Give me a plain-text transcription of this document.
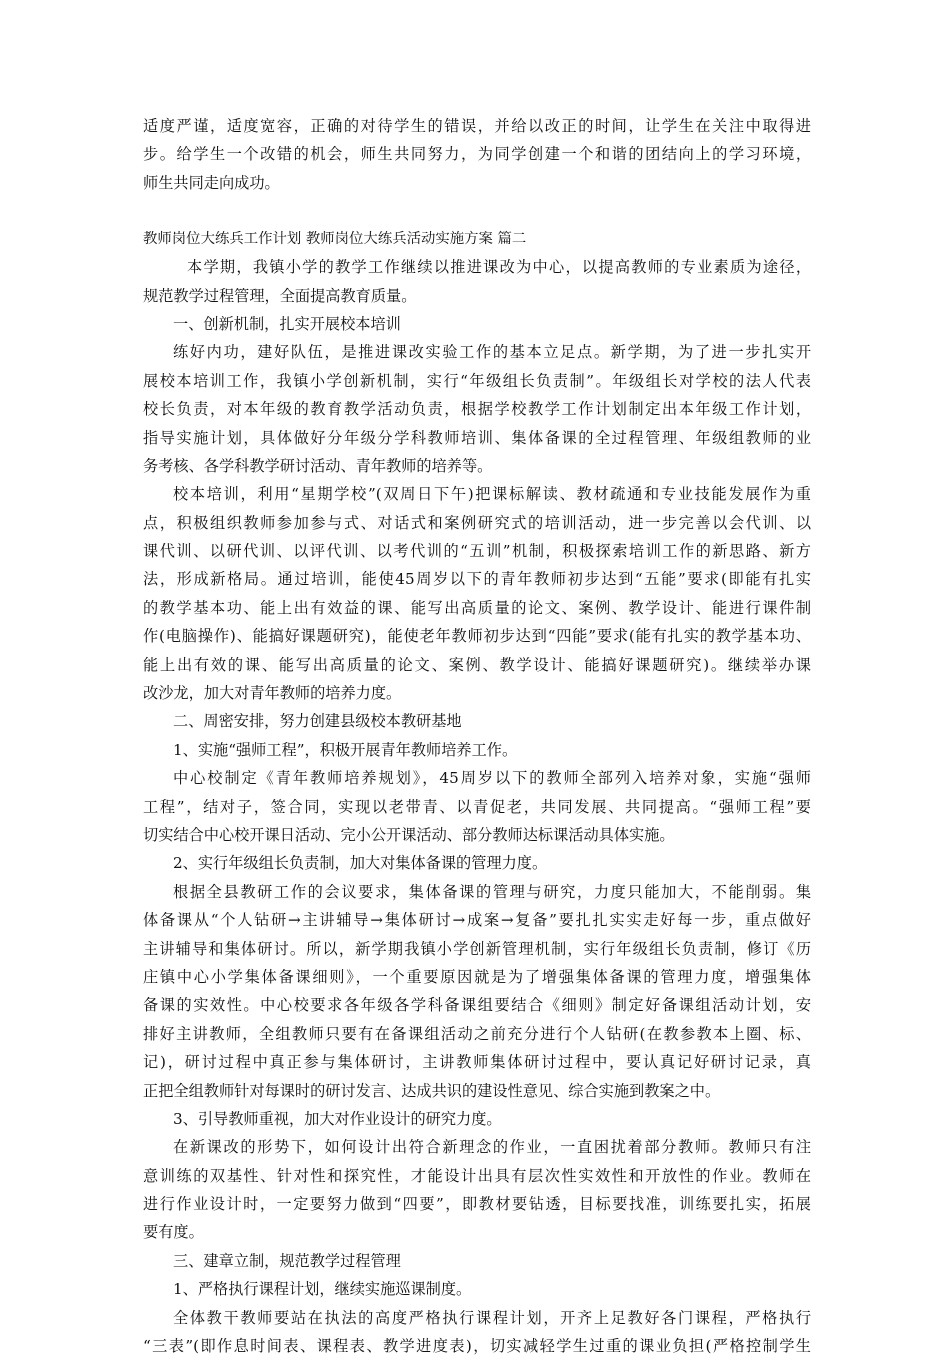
适度严谨，适度宽容，正确的对待学生的错误，并给以改正的时间，让学生在关注中取得进
步。给学生一个改错的机会，师生共同努力，为同学创建一个和谐的团结向上的学习环境，
师生共同走向成功。
教师岗位大练兵工作计划 教师岗位大练兵活动实施方案 篇二
本学期，我镇小学的教学工作继续以推进课改为中心，以提高教师的专业素质为途径，
规范教学过程管理，全面提高教育质量。
一、创新机制，扎实开展校本培训
练好内功，建好队伍，是推进课改实验工作的基本立足点。新学期，为了进一步扎实开
展校本培训工作，我镇小学创新机制，实行“年级组长负责制”。年级组长对学校的法人代表
校长负责，对本年级的教育教学活动负责，根据学校教学工作计划制定出本年级工作计划，
指导实施计划，具体做好分年级分学科教师培训、集体备课的全过程管理、年级组教师的业
务考核、各学科教学研讨活动、青年教师的培养等。
校本培训，利用“星期学校”(双周日下午)把课标解读、教材疏通和专业技能发展作为重
点，积极组织教师参加参与式、对话式和案例研究式的培训活动，进一步完善以会代训、以
课代训、以研代训、以评代训、以考代训的“五训”机制，积极探索培训工作的新思路、新方
法，形成新格局。通过培训，能使45周岁以下的青年教师初步达到“五能”要求(即能有扎实
的教学基本功、能上出有效益的课、能写出高质量的论文、案例、教学设计、能进行课件制
作(电脑操作)、能搞好课题研究)，能使老年教师初步达到“四能”要求(能有扎实的教学基本功、
能上出有效的课、能写出高质量的论文、案例、教学设计、能搞好课题研究)。继续举办课
改沙龙，加大对青年教师的培养力度。
二、周密安排，努力创建县级校本教研基地
1、实施“强师工程”，积极开展青年教师培养工作。
中心校制定《青年教师培养规划》，45周岁以下的教师全部列入培养对象，实施“强师
工程”，结对子，签合同，实现以老带青、以青促老，共同发展、共同提高。“强师工程”要
切实结合中心校开课日活动、完小公开课活动、部分教师达标课活动具体实施。
2、实行年级组长负责制，加大对集体备课的管理力度。
根据全县教研工作的会议要求，集体备课的管理与研究，力度只能加大，不能削弱。集
体备课从“个人钻研→主讲辅导→集体研讨→成案→复备”要扎扎实实走好每一步，重点做好
主讲辅导和集体研讨。所以，新学期我镇小学创新管理机制，实行年级组长负责制，修订《历
庄镇中心小学集体备课细则》，一个重要原因就是为了增强集体备课的管理力度，增强集体
备课的实效性。中心校要求各年级各学科备课组要结合《细则》制定好备课组活动计划，安
排好主讲教师，全组教师只要有在备课组活动之前充分进行个人钻研(在教参教本上圈、标、
记)，研讨过程中真正参与集体研讨，主讲教师集体研讨过程中，要认真记好研讨记录，真
正把全组教师针对每课时的研讨发言、达成共识的建设性意见、综合实施到教案之中。
3、引导教师重视，加大对作业设计的研究力度。
在新课改的形势下，如何设计出符合新理念的作业，一直困扰着部分教师。教师只有注
意训练的双基性、针对性和探究性，才能设计出具有层次性实效性和开放性的作业。教师在
进行作业设计时，一定要努力做到“四要”，即教材要钻透，目标要找准，训练要扎实，拓展
要有度。
三、建章立制，规范教学过程管理
1、严格执行课程计划，继续实施巡课制度。
全体教干教师要站在执法的高度严格执行课程计划，开齐上足教好各门课程，严格执行
“三表”(即作息时间表、课程表、教学进度表)，切实减轻学生过重的课业负担(严格控制学生
